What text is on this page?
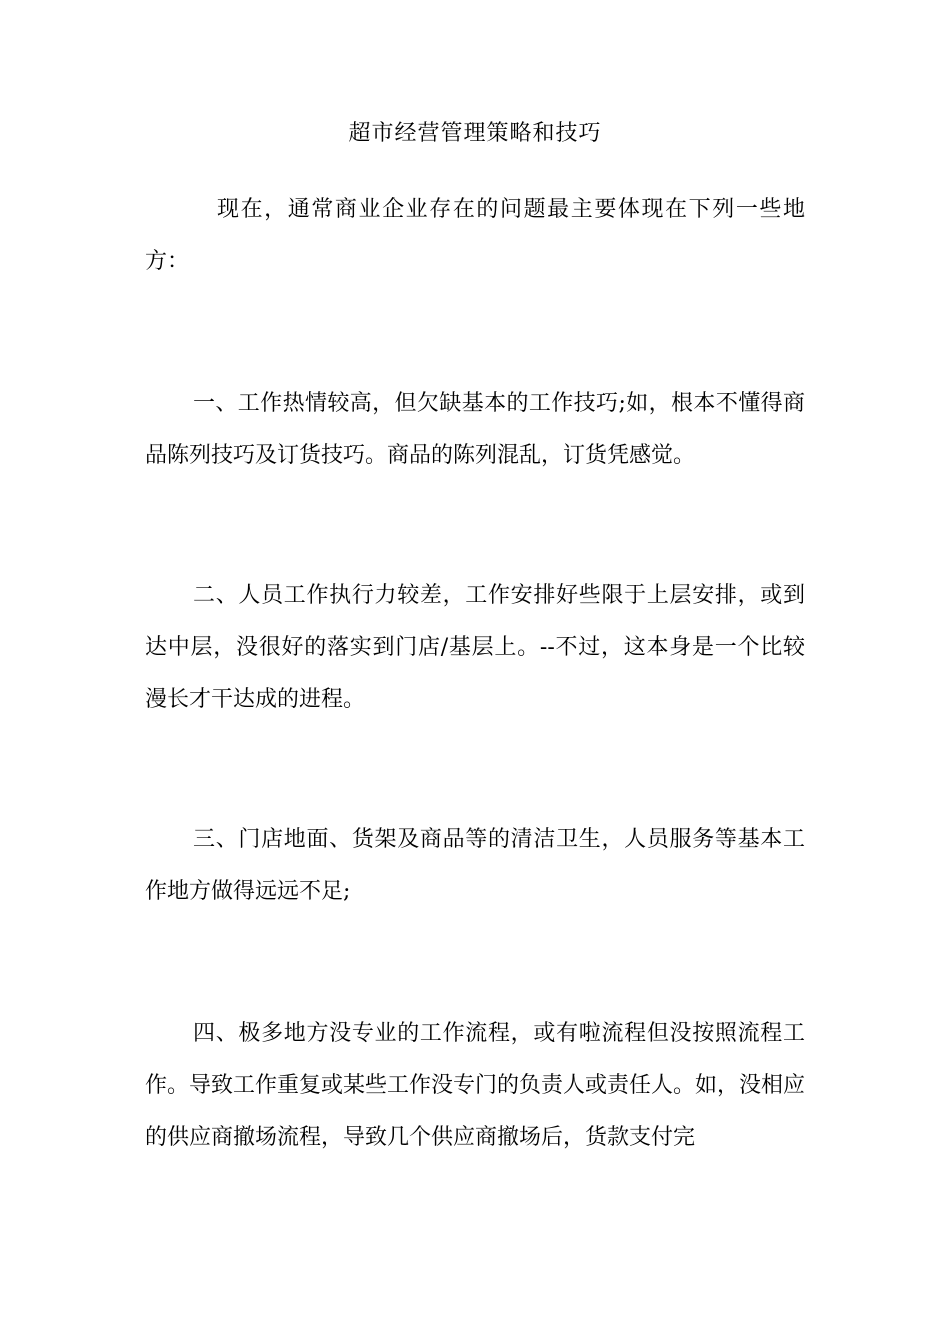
超市经营管理策略和技巧
现在，通常商业企业存在的问题最主要体现在下列一些地方：
一、工作热情较高，但欠缺基本的工作技巧;如，根本不懂得商品陈列技巧及订货技巧。商品的陈列混乱，订货凭感觉。
二、人员工作执行力较差，工作安排好些限于上层安排，或到达中层，没很好的落实到门店/基层上。--不过，这本身是一个比较漫长才干达成的进程。
三、门店地面、货架及商品等的清洁卫生，人员服务等基本工作地方做得远远不足;
四、极多地方没专业的工作流程，或有啦流程但没按照流程工作。导致工作重复或某些工作没专门的负责人或责任人。如，没相应的供应商撤场流程，导致几个供应商撤场后，货款支付完
